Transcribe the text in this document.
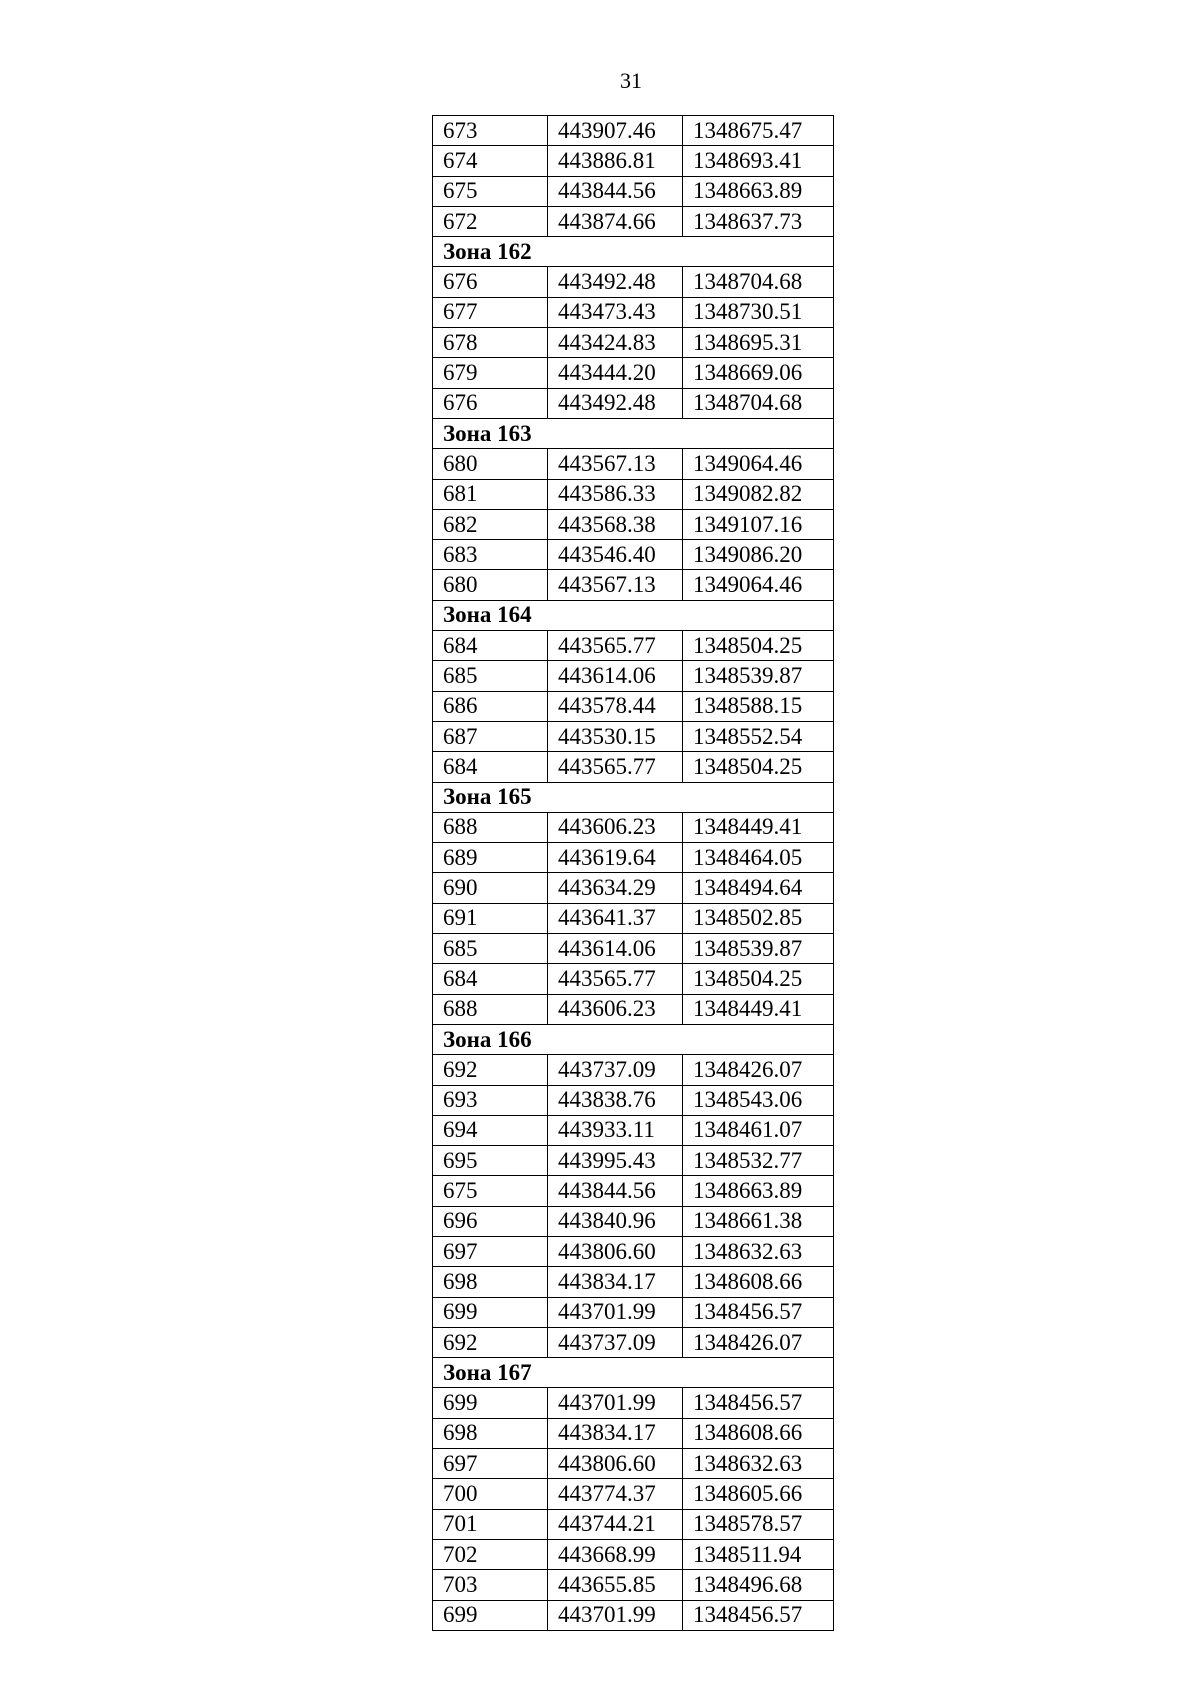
31
673	443907.46	1348675.47
674	443886.81	1348693.41
675	443844.56	1348663.89
672	443874.66	1348637.73
Зона 162		
676	443492.48	1348704.68
677	443473.43	1348730.51
678	443424.83	1348695.31
679	443444.20	1348669.06
676	443492.48	1348704.68
Зона 163		
680	443567.13	1349064.46
681	443586.33	1349082.82
682	443568.38	1349107.16
683	443546.40	1349086.20
680	443567.13	1349064.46
Зона 164		
684	443565.77	1348504.25
685	443614.06	1348539.87
686	443578.44	1348588.15
687	443530.15	1348552.54
684	443565.77	1348504.25
Зона 165		
688	443606.23	1348449.41
689	443619.64	1348464.05
690	443634.29	1348494.64
691	443641.37	1348502.85
685	443614.06	1348539.87
684	443565.77	1348504.25
688	443606.23	1348449.41
Зона 166		
692	443737.09	1348426.07
693	443838.76	1348543.06
694	443933.11	1348461.07
695	443995.43	1348532.77
675	443844.56	1348663.89
696	443840.96	1348661.38
697	443806.60	1348632.63
698	443834.17	1348608.66
699	443701.99	1348456.57
692	443737.09	1348426.07
Зона 167		
699	443701.99	1348456.57
698	443834.17	1348608.66
697	443806.60	1348632.63
700	443774.37	1348605.66
701	443744.21	1348578.57
702	443668.99	1348511.94
703	443655.85	1348496.68
699	443701.99	1348456.57
